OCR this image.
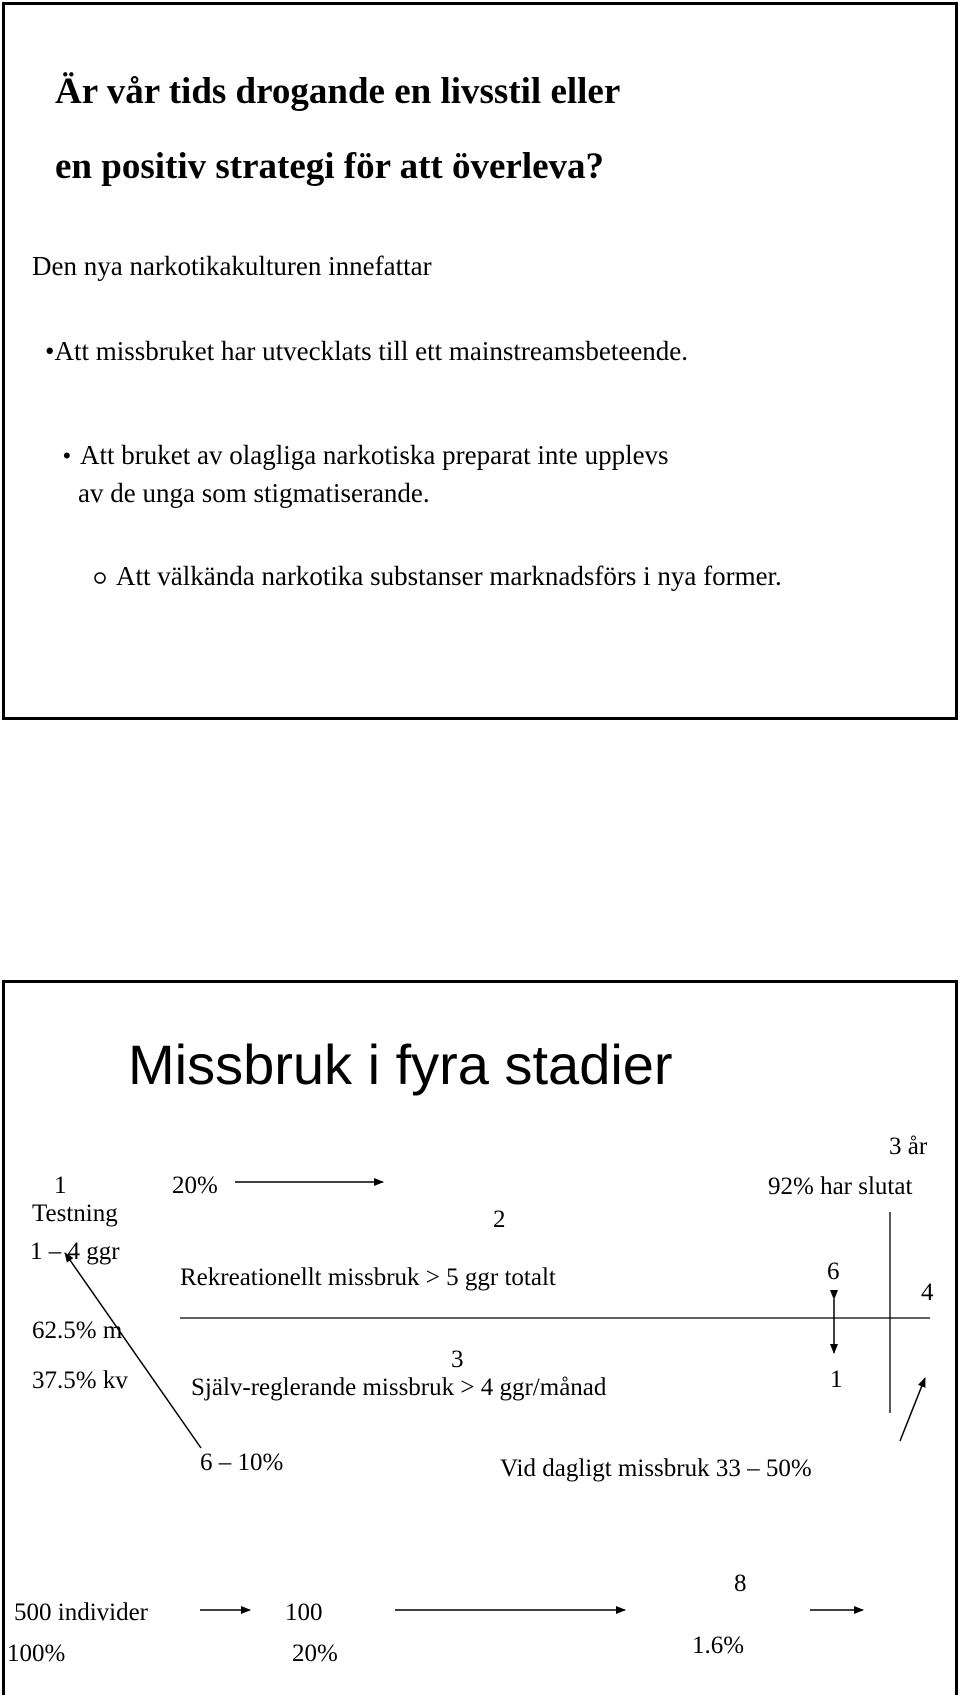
Är vår tids drogande en livsstil eller
en positiv strategi för att överleva?
Den nya narkotikakulturen innefattar
•Att missbruket har utvecklats till ett mainstreamsbeteende.
• Att bruket av olagliga narkotiska preparat inte upplevs
av de unga som stigmatiserande.
Att välkända narkotika substanser marknadsförs i nya former.
Missbruk i fyra stadier
1
Testning
1 – 4 ggr
62.5% m
37.5% kv
20%
2
Rekreationellt missbruk > 5 ggr totalt
3
Själv-reglerande missbruk > 4 ggr/månad
6 – 10%
3 år
92% har slutat
6
4
1
Vid dagligt missbruk 33 – 50%
500 individer
100%
100
20%
8
1.6%
